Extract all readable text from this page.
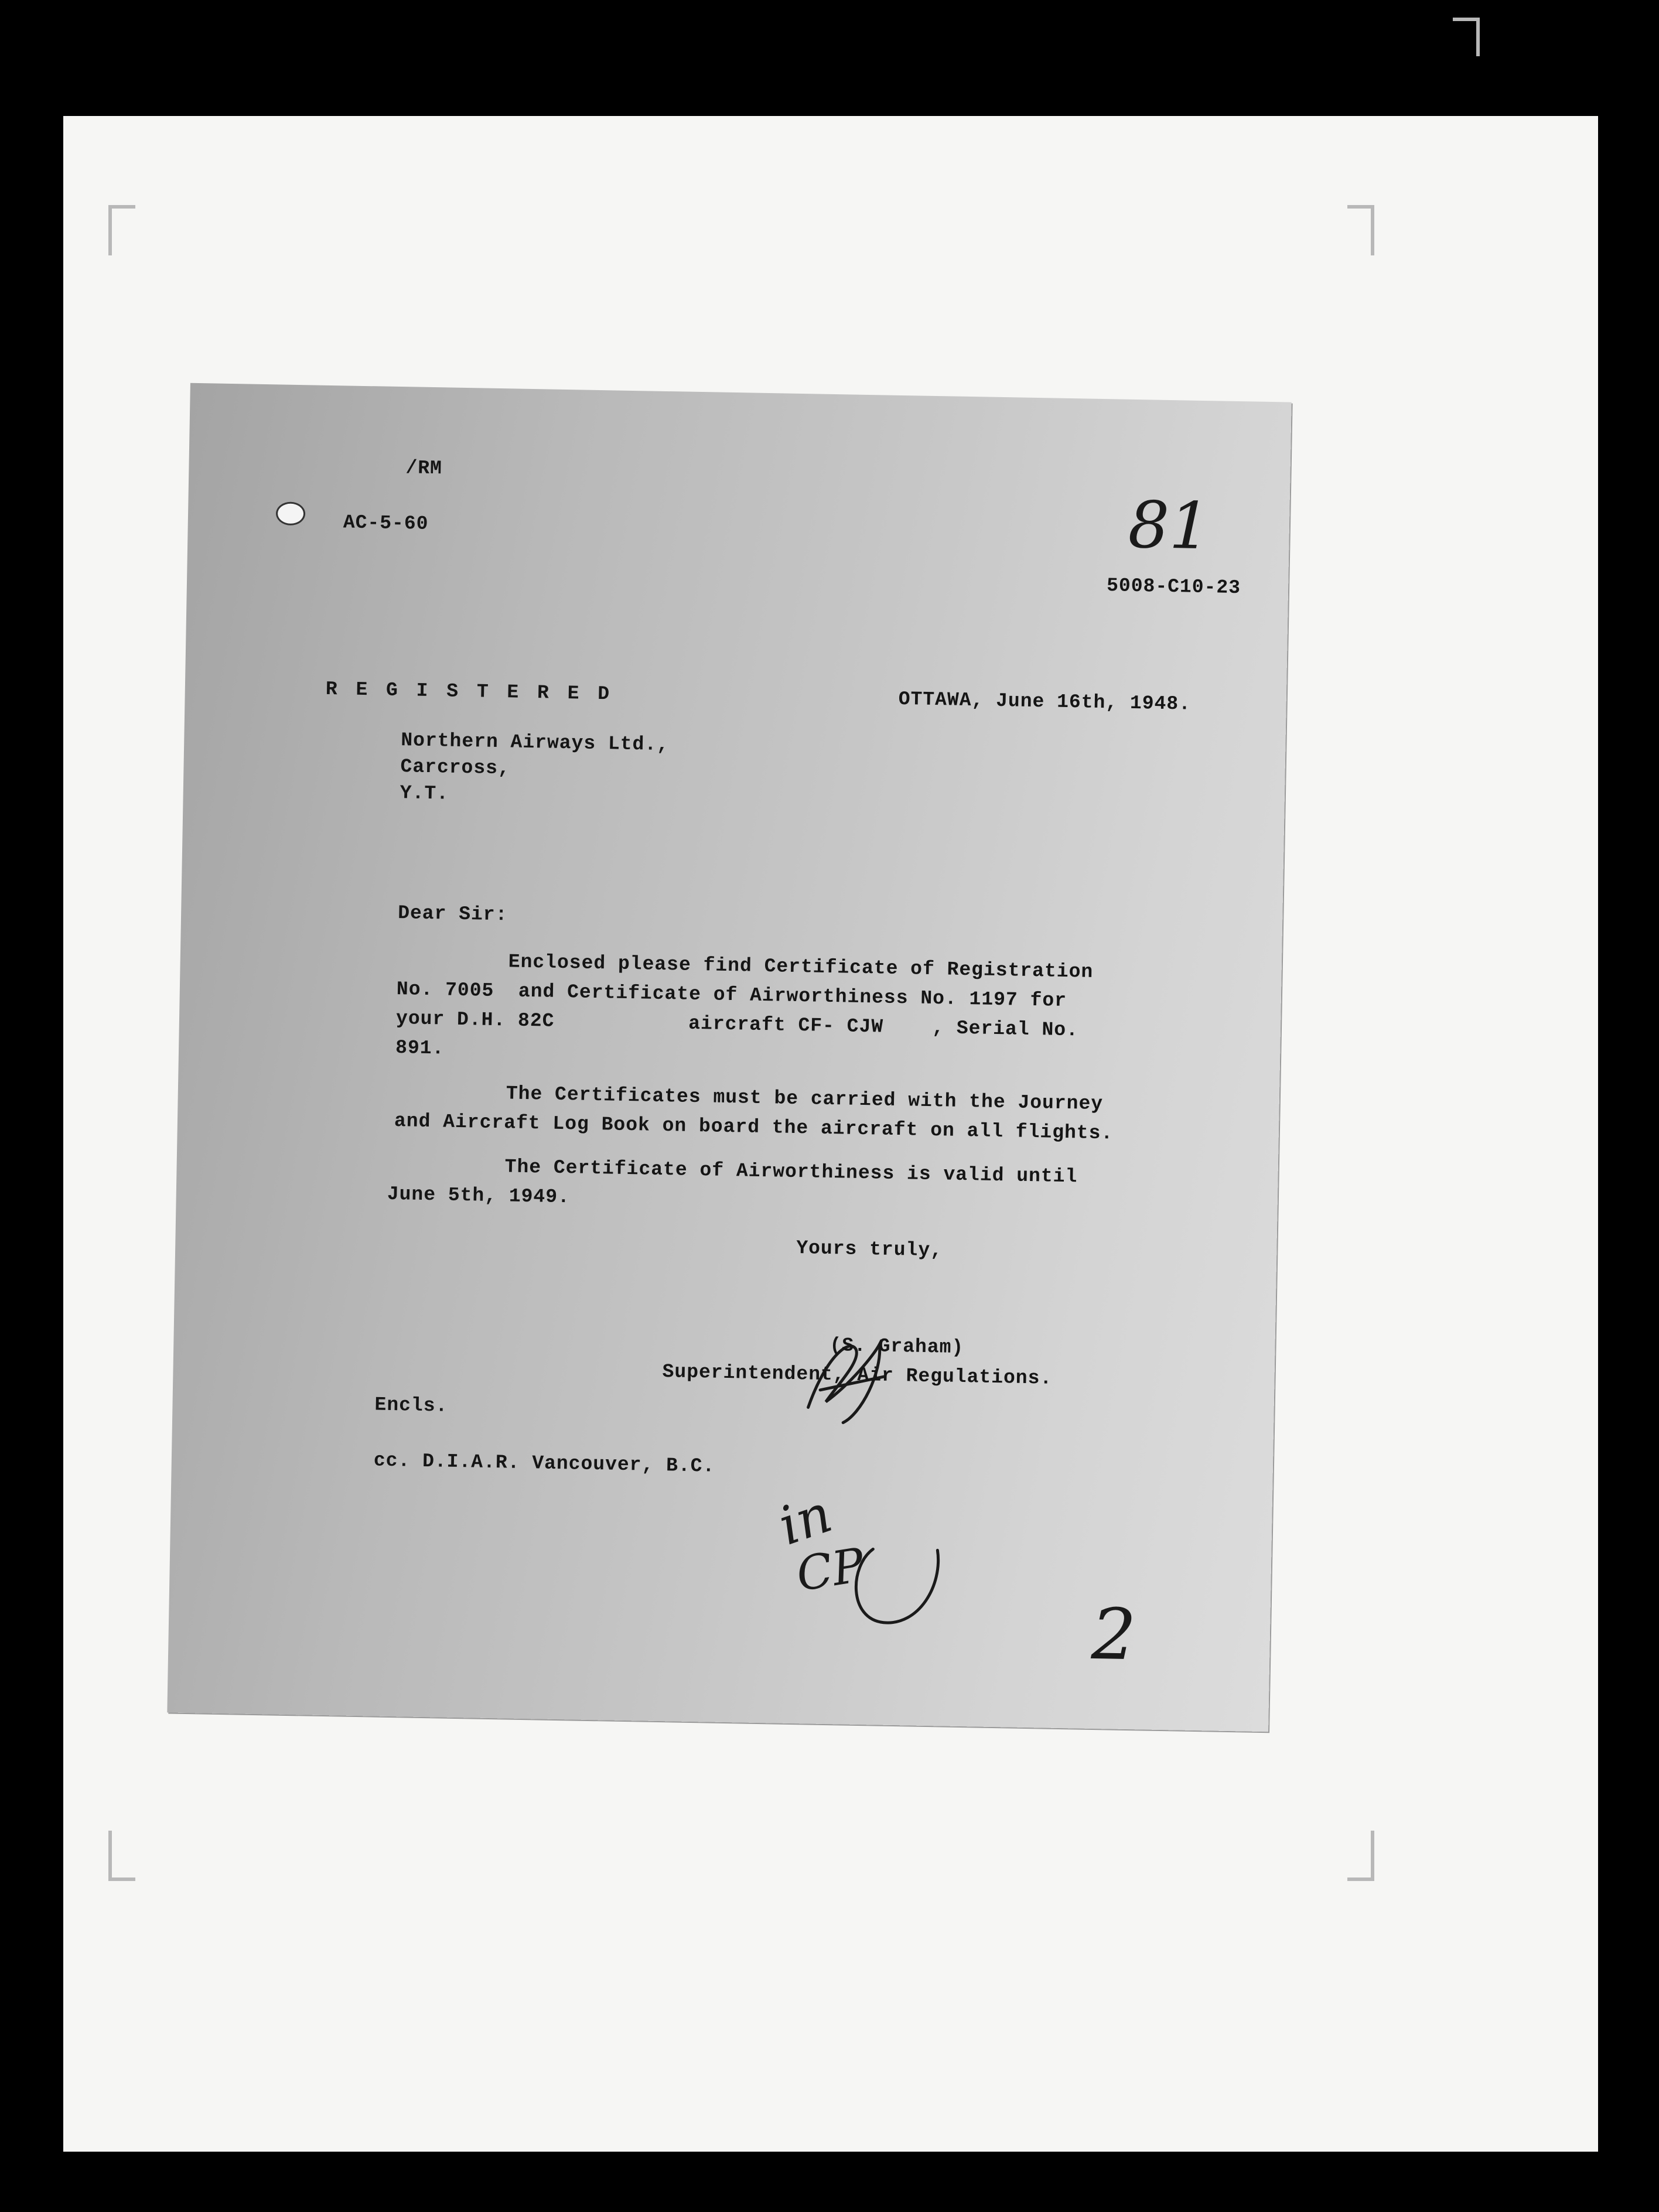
/RM
AC-5-60	81
5008-C10-23
R E G I S T E R E D	OTTAWA, June 16th, 1948.
Northern Airways Ltd.,
Carcross,
Y.T.
Dear Sir:
Enclosed please find Certificate of Registration
No. 7005  and Certificate of Airworthiness No. 1197 for
your D.H. 82C           aircraft CF- CJW    , Serial No.
891.
The Certificates must be carried with the Journey
and Aircraft Log Book on board the aircraft on all flights.
The Certificate of Airworthiness is valid until
June 5th, 1949.
Yours truly,
(S. Graham)
Superintendent, Air Regulations.
Encls.
cc. D.I.A.R. Vancouver, B.C.
in
CP
2
